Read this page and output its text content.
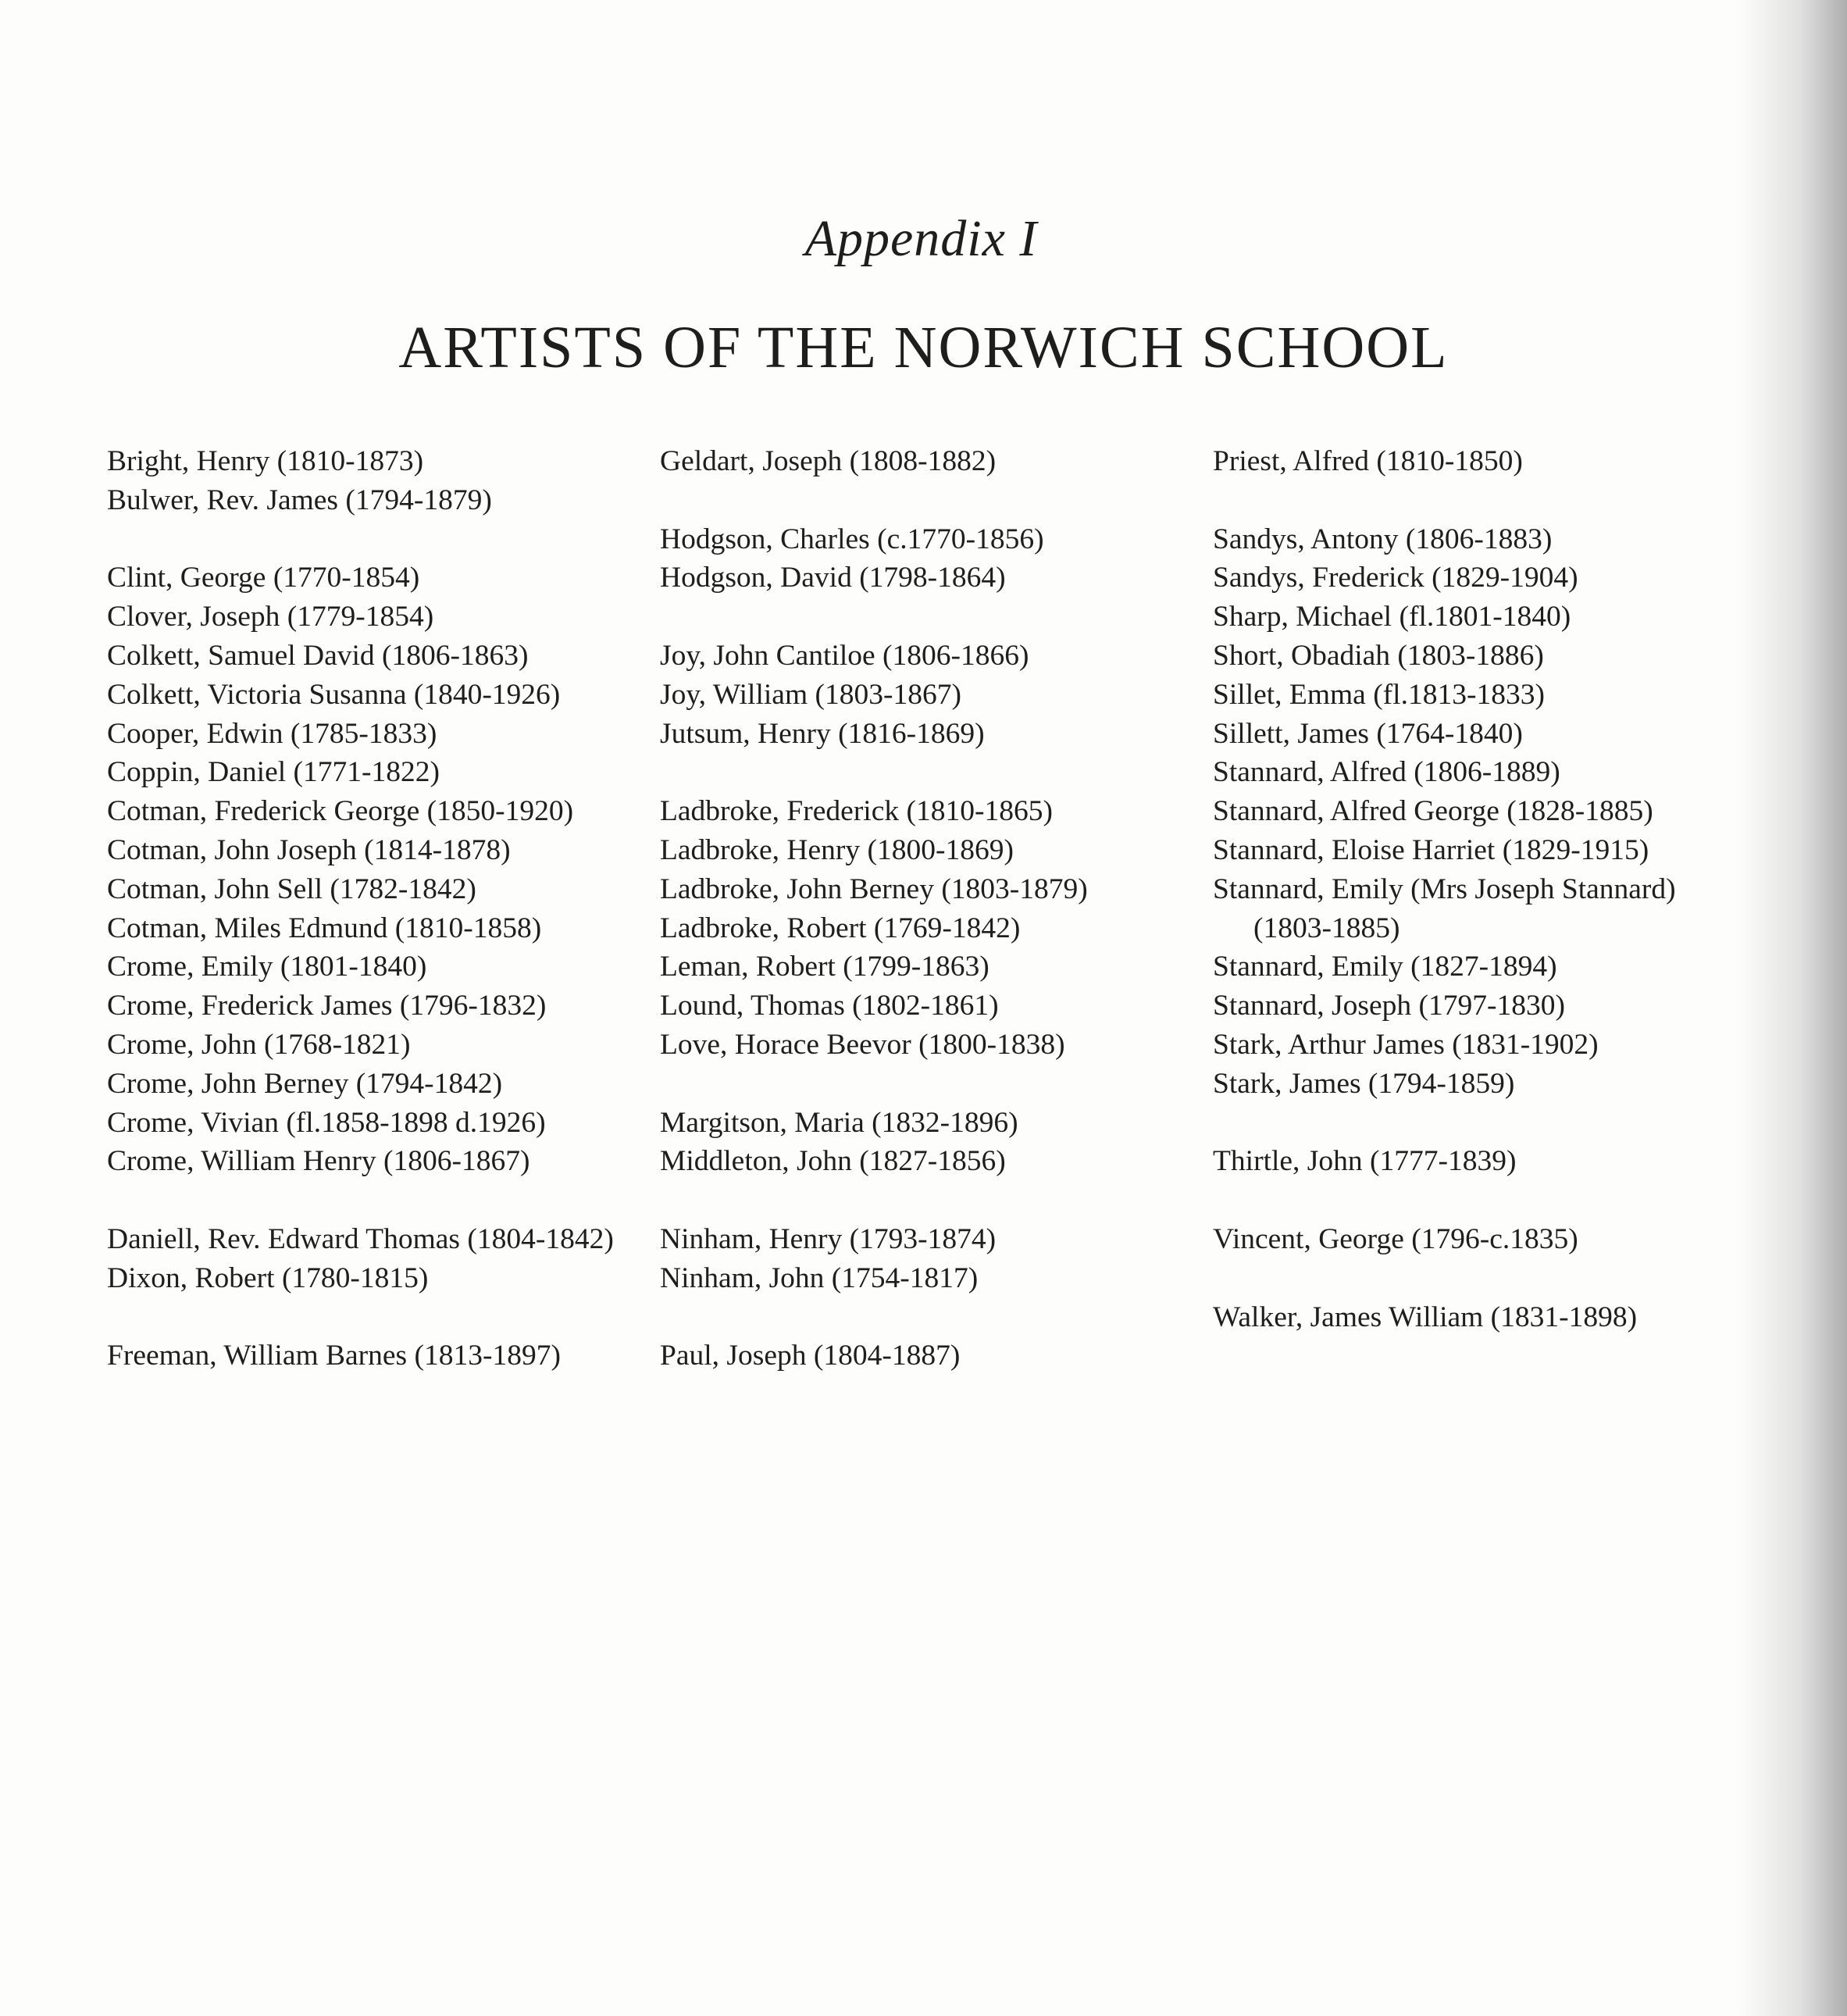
Appendix I
ARTISTS OF THE NORWICH SCHOOL
Bright, Henry (1810-1873)
Bulwer, Rev. James (1794-1879)
Clint, George (1770-1854)
Clover, Joseph (1779-1854)
Colkett, Samuel David (1806-1863)
Colkett, Victoria Susanna (1840-1926)
Cooper, Edwin (1785-1833)
Coppin, Daniel (1771-1822)
Cotman, Frederick George (1850-1920)
Cotman, John Joseph (1814-1878)
Cotman, John Sell (1782-1842)
Cotman, Miles Edmund (1810-1858)
Crome, Emily (1801-1840)
Crome, Frederick James (1796-1832)
Crome, John (1768-1821)
Crome, John Berney (1794-1842)
Crome, Vivian (fl.1858-1898 d.1926)
Crome, William Henry (1806-1867)
Daniell, Rev. Edward Thomas (1804-1842)
Dixon, Robert (1780-1815)
Freeman, William Barnes (1813-1897)
Geldart, Joseph (1808-1882)
Hodgson, Charles (c.1770-1856)
Hodgson, David (1798-1864)
Joy, John Cantiloe (1806-1866)
Joy, William (1803-1867)
Jutsum, Henry (1816-1869)
Ladbroke, Frederick (1810-1865)
Ladbroke, Henry (1800-1869)
Ladbroke, John Berney (1803-1879)
Ladbroke, Robert (1769-1842)
Leman, Robert (1799-1863)
Lound, Thomas (1802-1861)
Love, Horace Beevor (1800-1838)
Margitson, Maria (1832-1896)
Middleton, John (1827-1856)
Ninham, Henry (1793-1874)
Ninham, John (1754-1817)
Paul, Joseph (1804-1887)
Priest, Alfred (1810-1850)
Sandys, Antony (1806-1883)
Sandys, Frederick (1829-1904)
Sharp, Michael (fl.1801-1840)
Short, Obadiah (1803-1886)
Sillet, Emma (fl.1813-1833)
Sillett, James (1764-1840)
Stannard, Alfred (1806-1889)
Stannard, Alfred George (1828-1885)
Stannard, Eloise Harriet (1829-1915)
Stannard, Emily (Mrs Joseph Stannard)
(1803-1885)
Stannard, Emily (1827-1894)
Stannard, Joseph (1797-1830)
Stark, Arthur James (1831-1902)
Stark, James (1794-1859)
Thirtle, John (1777-1839)
Vincent, George (1796-c.1835)
Walker, James William (1831-1898)
